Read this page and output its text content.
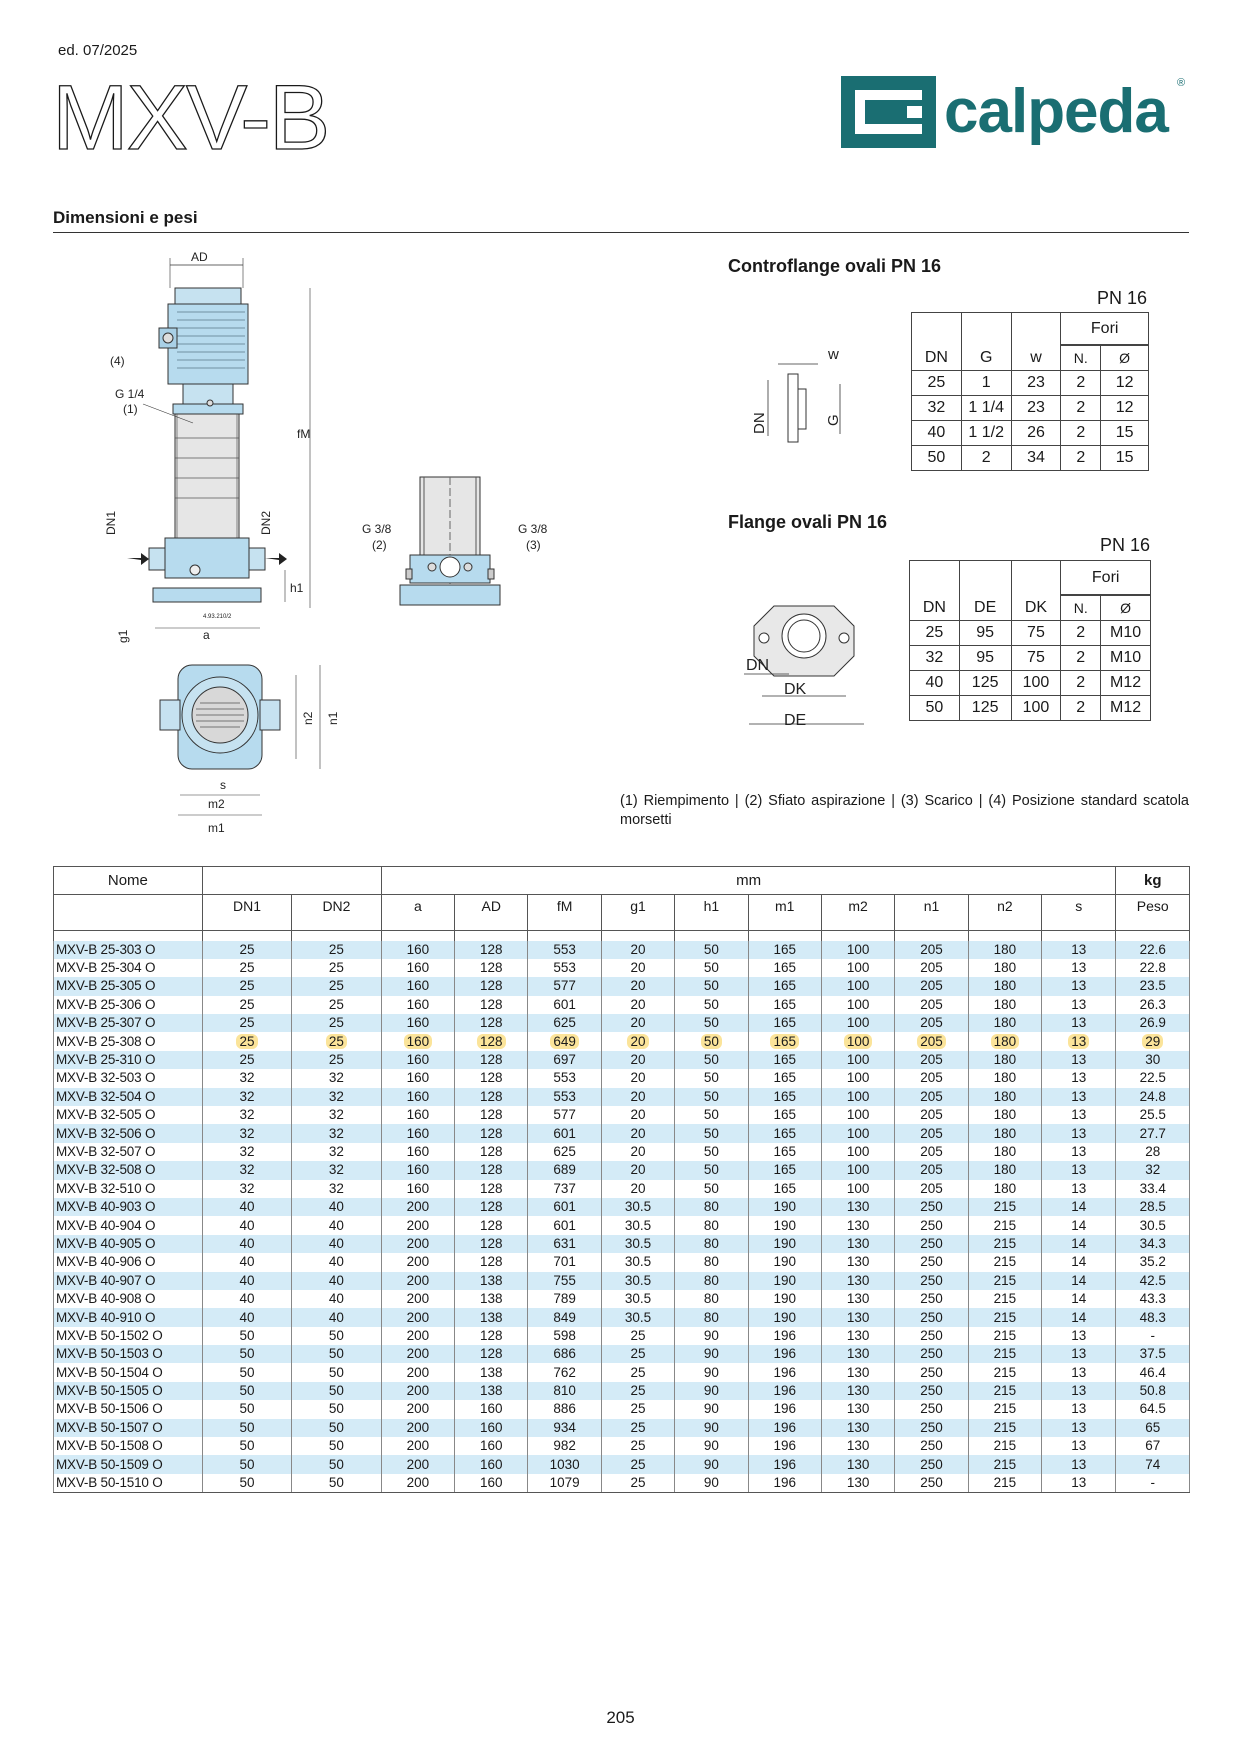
ed. 07/2025
MXV-B	calpeda ®
Dimensioni e pesi
AD
4.93.210/2
fM
(4)
G 1/4
(1)
DN1	DN2
h1
g1	a
G 3/8
(2)
G 3/8
(3)
n2 n1
s
m2
m1
Controflange ovali PN 16
PN 16
w
DN	G
			Fori	

DN	G	w	N.	Ø
25	1	23	2	12
32	1 1/4	23	2	12
40	1 1/2	26	2	15
50	2	34	2	15
Flange ovali PN 16
PN 16
DN
DK
DE
			Fori	

DN	DE	DK	N.	Ø
25	95	75	2	M10
32	95	75	2	M10
40	125	100	2	M12
50	125	100	2	M12
(1) Riempimento | (2) Sfiato aspirazione | (3) Scarico | (4) Posizione standard scatola morsetti
Nome			mm										kg
	DN1	DN2	a	AD	fM	g1	h1	m1	m2	n1	n2	s	Peso

MXV-B 25-303 O	25	25	160	128	553	20	50	165	100	205	180	13	22.6
MXV-B 25-304 O	25	25	160	128	553	20	50	165	100	205	180	13	22.8
MXV-B 25-305 O	25	25	160	128	577	20	50	165	100	205	180	13	23.5
MXV-B 25-306 O	25	25	160	128	601	20	50	165	100	205	180	13	26.3
MXV-B 25-307 O	25	25	160	128	625	20	50	165	100	205	180	13	26.9
MXV-B 25-308 O	25	25	160	128	649	20	50	165	100	205	180	13	29
MXV-B 25-310 O	25	25	160	128	697	20	50	165	100	205	180	13	30
MXV-B 32-503 O	32	32	160	128	553	20	50	165	100	205	180	13	22.5
MXV-B 32-504 O	32	32	160	128	553	20	50	165	100	205	180	13	24.8
MXV-B 32-505 O	32	32	160	128	577	20	50	165	100	205	180	13	25.5
MXV-B 32-506 O	32	32	160	128	601	20	50	165	100	205	180	13	27.7
MXV-B 32-507 O	32	32	160	128	625	20	50	165	100	205	180	13	28
MXV-B 32-508 O	32	32	160	128	689	20	50	165	100	205	180	13	32
MXV-B 32-510 O	32	32	160	128	737	20	50	165	100	205	180	13	33.4
MXV-B 40-903 O	40	40	200	128	601	30.5	80	190	130	250	215	14	28.5
MXV-B 40-904 O	40	40	200	128	601	30.5	80	190	130	250	215	14	30.5
MXV-B 40-905 O	40	40	200	128	631	30.5	80	190	130	250	215	14	34.3
MXV-B 40-906 O	40	40	200	128	701	30.5	80	190	130	250	215	14	35.2
MXV-B 40-907 O	40	40	200	138	755	30.5	80	190	130	250	215	14	42.5
MXV-B 40-908 O	40	40	200	138	789	30.5	80	190	130	250	215	14	43.3
MXV-B 40-910 O	40	40	200	138	849	30.5	80	190	130	250	215	14	48.3
MXV-B 50-1502 O	50	50	200	128	598	25	90	196	130	250	215	13	-
MXV-B 50-1503 O	50	50	200	128	686	25	90	196	130	250	215	13	37.5
MXV-B 50-1504 O	50	50	200	138	762	25	90	196	130	250	215	13	46.4
MXV-B 50-1505 O	50	50	200	138	810	25	90	196	130	250	215	13	50.8
MXV-B 50-1506 O	50	50	200	160	886	25	90	196	130	250	215	13	64.5
MXV-B 50-1507 O	50	50	200	160	934	25	90	196	130	250	215	13	65
MXV-B 50-1508 O	50	50	200	160	982	25	90	196	130	250	215	13	67
MXV-B 50-1509 O	50	50	200	160	1030	25	90	196	130	250	215	13	74
MXV-B 50-1510 O	50	50	200	160	1079	25	90	196	130	250	215	13	-
205
